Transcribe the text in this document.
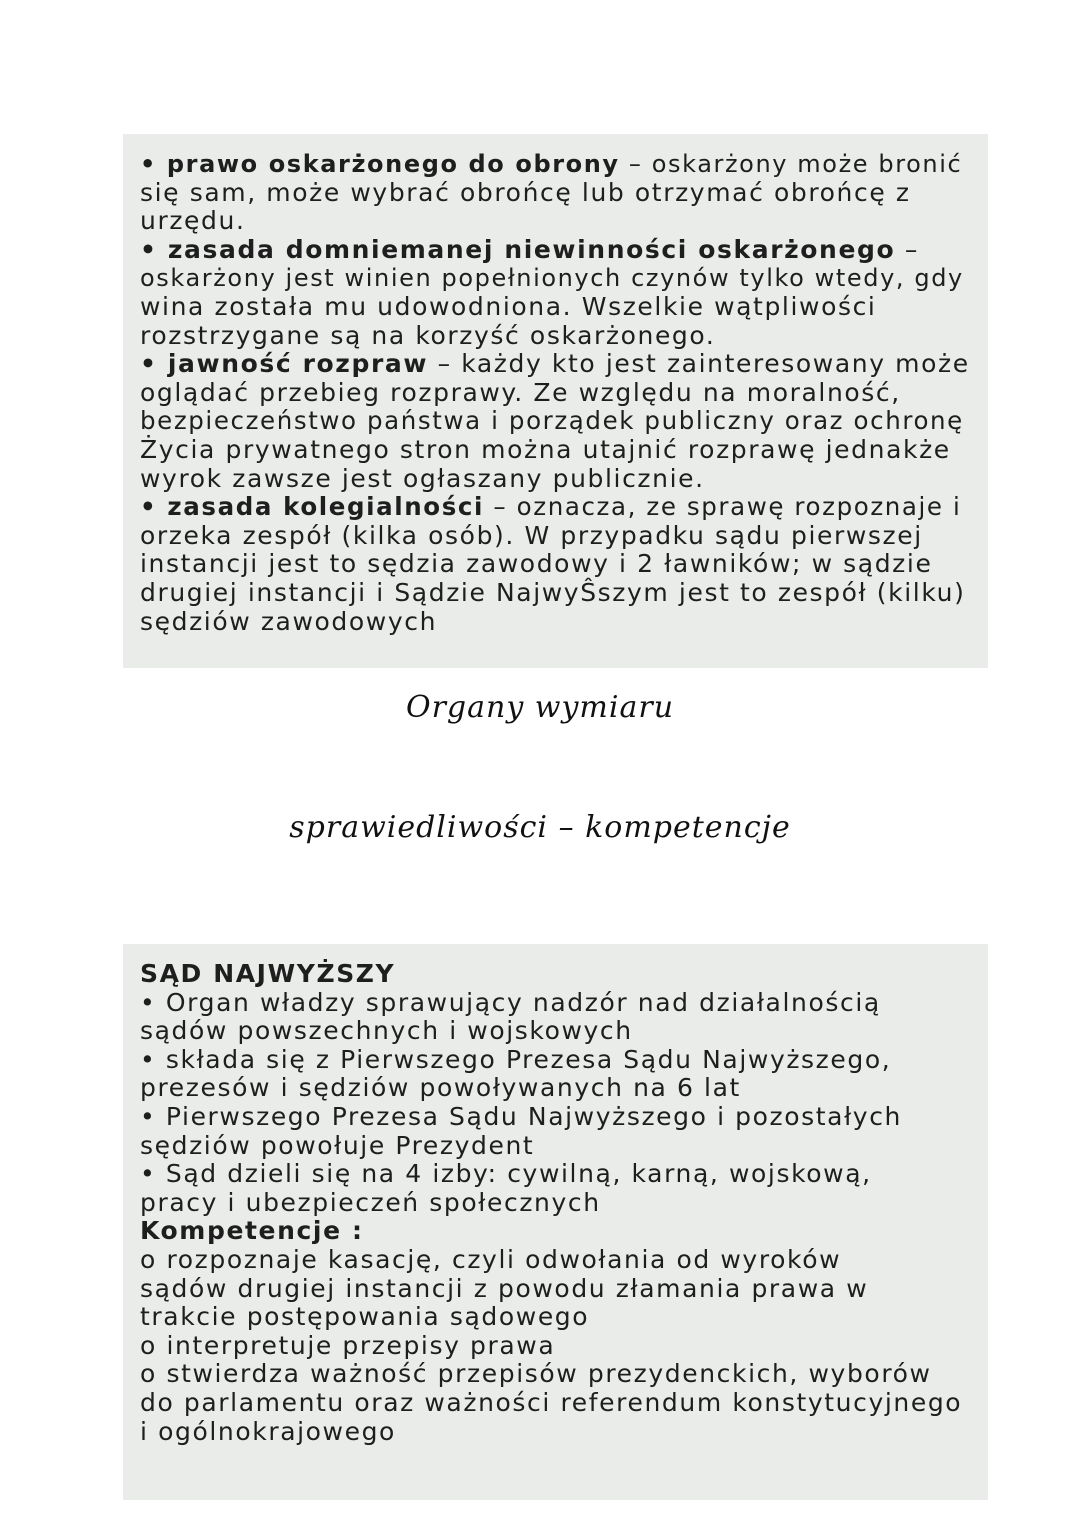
• prawo oskarżonego do obrony – oskarżony może bronić
się sam, może wybrać obrońcę lub otrzymać obrońcę z
urzędu.
• zasada domniemanej niewinności oskarżonego –
oskarżony jest winien popełnionych czynów tylko wtedy, gdy
wina została mu udowodniona. Wszelkie wątpliwości
rozstrzygane są na korzyść oskarżonego.
• jawność rozpraw – każdy kto jest zainteresowany może
oglądać przebieg rozprawy. Ze względu na moralność,
bezpieczeństwo państwa i porządek publiczny oraz ochronę
Życia prywatnego stron można utajnić rozprawę jednakże
wyrok zawsze jest ogłaszany publicznie.
• zasada kolegialności – oznacza, ze sprawę rozpoznaje i
orzeka zespół (kilka osób). W przypadku sądu pierwszej
instancji jest to sędzia zawodowy i 2 ławników; w sądzie
drugiej instancji i Sądzie NajwyŜszym jest to zespół (kilku)
sędziów zawodowych
Organy wymiaru
sprawiedliwości – kompetencje
SĄD NAJWYŻSZY
• Organ władzy sprawujący nadzór nad działalnością
sądów powszechnych i wojskowych
• składa się z Pierwszego Prezesa Sądu Najwyższego,
prezesów i sędziów powoływanych na 6 lat
• Pierwszego Prezesa Sądu Najwyższego i pozostałych
sędziów powołuje Prezydent
• Sąd dzieli się na 4 izby: cywilną, karną, wojskową,
pracy i ubezpieczeń społecznych
Kompetencje :
o rozpoznaje kasację, czyli odwołania od wyroków
sądów drugiej instancji z powodu złamania prawa w
trakcie postępowania sądowego
o interpretuje przepisy prawa
o stwierdza ważność przepisów prezydenckich, wyborów
do parlamentu oraz ważności referendum konstytucyjnego
i ogólnokrajowego
